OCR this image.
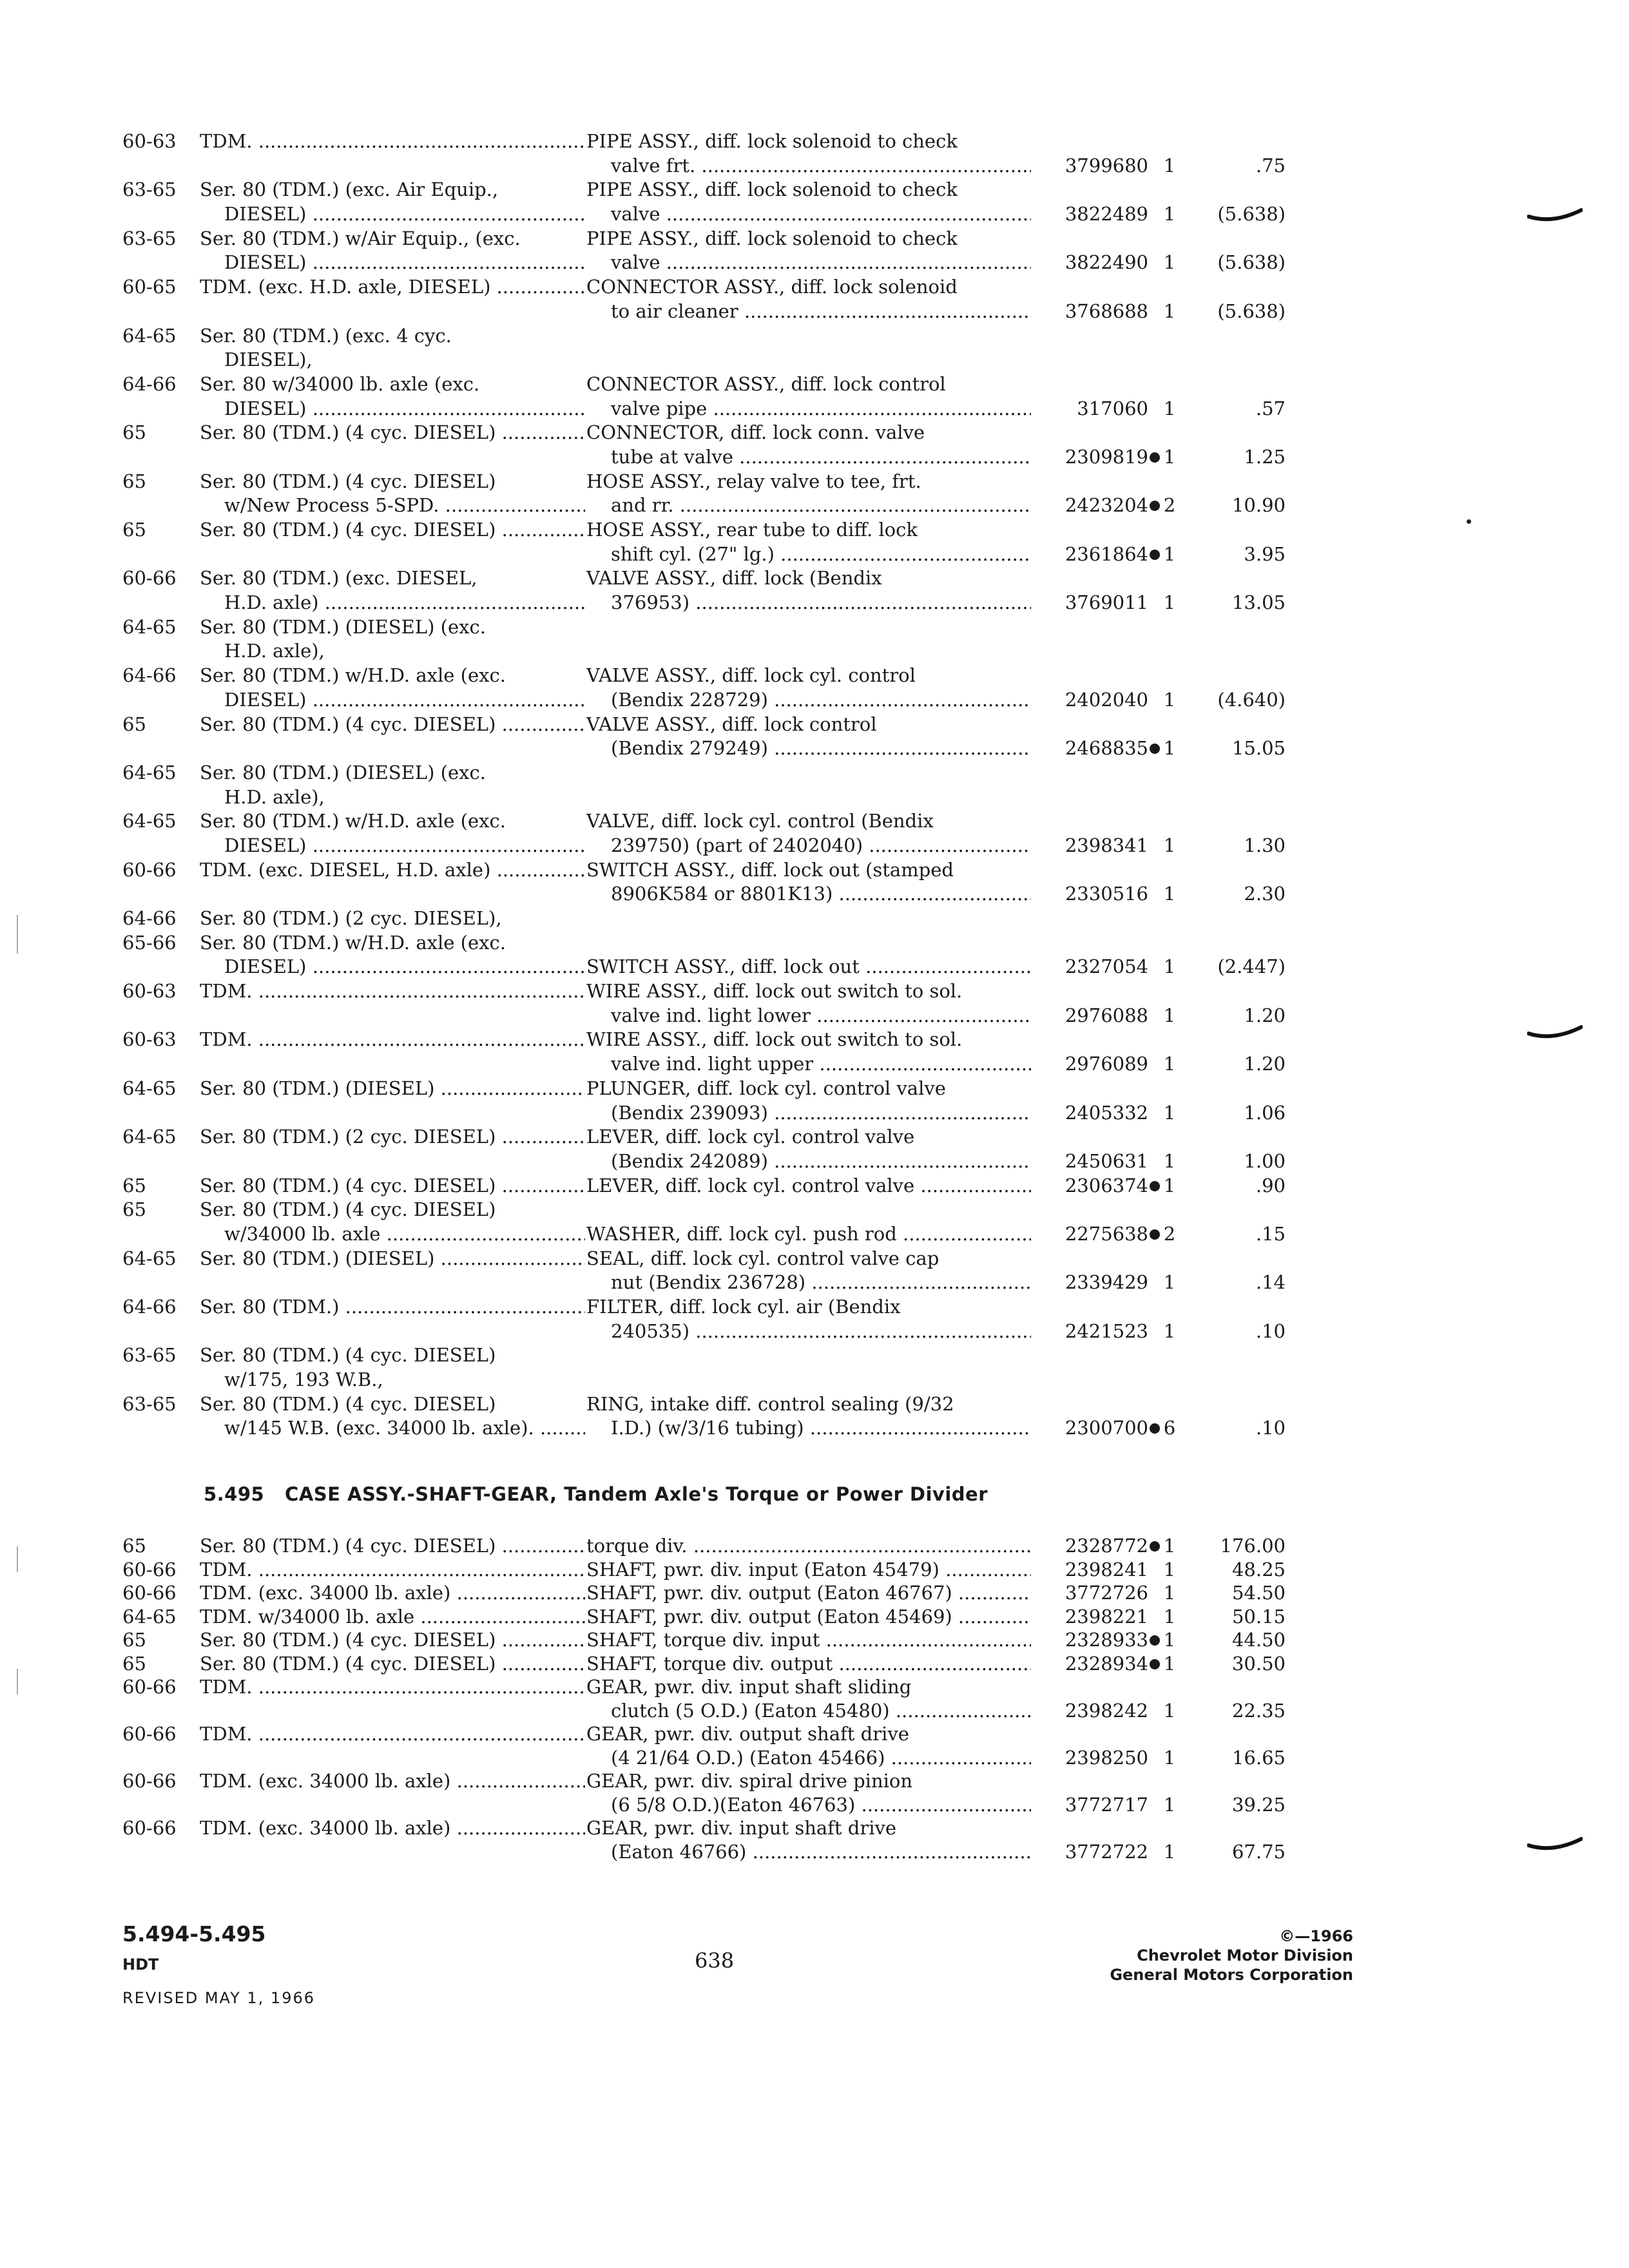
60-63	TDM. .....	PIPE ASSY., diff. lock solenoid to check
valve frt. .....	3799680 1	.75
63-65	Ser. 80 (TDM.) (exc. Air Equip.,	PIPE ASSY., diff. lock solenoid to check
DIESEL) .....	valve .....	3822489 1	(5.638)
63-65	Ser. 80 (TDM.) w/Air Equip., (exc.	PIPE ASSY., diff. lock solenoid to check
DIESEL) .....	valve .....	3822490 1	(5.638)
60-65	TDM. (exc. H.D. axle, DIESEL) .....	CONNECTOR ASSY., diff. lock solenoid
to air cleaner .....	3768688 1	(5.638)
64-65	Ser. 80 (TDM.) (exc. 4 cyc.
DIESEL),
64-66	Ser. 80 w/34000 lb. axle (exc.	CONNECTOR ASSY., diff. lock control
DIESEL) .....	valve pipe .....	317060 1	.57
65	Ser. 80 (TDM.) (4 cyc. DIESEL) .....	CONNECTOR, diff. lock conn. valve
tube at valve .....	2309819 1	1.25
65	Ser. 80 (TDM.) (4 cyc. DIESEL)	HOSE ASSY., relay valve to tee, frt.
w/New Process 5-SPD. .....	and rr. .....	2423204 2	10.90
65	Ser. 80 (TDM.) (4 cyc. DIESEL) .....	HOSE ASSY., rear tube to diff. lock
shift cyl. (27" lg.) .....	2361864 1	3.95
60-66	Ser. 80 (TDM.) (exc. DIESEL,	VALVE ASSY., diff. lock (Bendix
H.D. axle) .....	376953) .....	3769011 1	13.05
64-65	Ser. 80 (TDM.) (DIESEL) (exc.
H.D. axle),
64-66	Ser. 80 (TDM.) w/H.D. axle (exc.	VALVE ASSY., diff. lock cyl. control
DIESEL) .....	(Bendix 228729) .....	2402040 1	(4.640)
65	Ser. 80 (TDM.) (4 cyc. DIESEL) .....	VALVE ASSY., diff. lock control
(Bendix 279249) .....	2468835 1	15.05
64-65	Ser. 80 (TDM.) (DIESEL) (exc.
H.D. axle),
64-65	Ser. 80 (TDM.) w/H.D. axle (exc.	VALVE, diff. lock cyl. control (Bendix
DIESEL) .....	239750) (part of 2402040) .....	2398341 1	1.30
60-66	TDM. (exc. DIESEL, H.D. axle) .....	SWITCH ASSY., diff. lock out (stamped
8906K584 or 8801K13) .....	2330516 1	2.30
64-66	Ser. 80 (TDM.) (2 cyc. DIESEL),
65-66	Ser. 80 (TDM.) w/H.D. axle (exc.
DIESEL) .....	SWITCH ASSY., diff. lock out .....	2327054 1	(2.447)
60-63	TDM. .....	WIRE ASSY., diff. lock out switch to sol.
valve ind. light lower .....	2976088 1	1.20
60-63	TDM. .....	WIRE ASSY., diff. lock out switch to sol.
valve ind. light upper .....	2976089 1	1.20
64-65	Ser. 80 (TDM.) (DIESEL) .....	PLUNGER, diff. lock cyl. control valve
(Bendix 239093) .....	2405332 1	1.06
64-65	Ser. 80 (TDM.) (2 cyc. DIESEL) .....	LEVER, diff. lock cyl. control valve
(Bendix 242089) .....	2450631 1	1.00
65	Ser. 80 (TDM.) (4 cyc. DIESEL) .....	LEVER, diff. lock cyl. control valve .....	2306374 1	.90
65	Ser. 80 (TDM.) (4 cyc. DIESEL)
w/34000 lb. axle .....	WASHER, diff. lock cyl. push rod .....	2275638 2	.15
64-65	Ser. 80 (TDM.) (DIESEL) .....	SEAL, diff. lock cyl. control valve cap
nut (Bendix 236728) .....	2339429 1	.14
64-66	Ser. 80 (TDM.) .....	FILTER, diff. lock cyl. air (Bendix
240535) .....	2421523 1	.10
63-65	Ser. 80 (TDM.) (4 cyc. DIESEL)
w/175, 193 W.B.,
63-65	Ser. 80 (TDM.) (4 cyc. DIESEL)	RING, intake diff. control sealing (9/32
w/145 W.B. (exc. 34000 lb. axle). .....	I.D.) (w/3/16 tubing) .....	2300700 6	.10
5.495 CASE ASSY.-SHAFT-GEAR, Tandem Axle's Torque or Power Divider
65	Ser. 80 (TDM.) (4 cyc. DIESEL) .....	torque div. .....	2328772 1	176.00
60-66	TDM. .....	SHAFT, pwr. div. input (Eaton 45479) .....	2398241 1	48.25
60-66	TDM. (exc. 34000 lb. axle) .....	SHAFT, pwr. div. output (Eaton 46767) .....	3772726 1	54.50
64-65	TDM. w/34000 lb. axle .....	SHAFT, pwr. div. output (Eaton 45469) .....	2398221 1	50.15
65	Ser. 80 (TDM.) (4 cyc. DIESEL) .....	SHAFT, torque div. input .....	2328933 1	44.50
65	Ser. 80 (TDM.) (4 cyc. DIESEL) .....	SHAFT, torque div. output .....	2328934 1	30.50
60-66	TDM. .....	GEAR, pwr. div. input shaft sliding
clutch (5 O.D.) (Eaton 45480) .....	2398242 1	22.35
60-66	TDM. .....	GEAR, pwr. div. output shaft drive
(4 21/64 O.D.) (Eaton 45466) .....	2398250 1	16.65
60-66	TDM. (exc. 34000 lb. axle) .....	GEAR, pwr. div. spiral drive pinion
(6 5/8 O.D.)(Eaton 46763) .....	3772717 1	39.25
60-66	TDM. (exc. 34000 lb. axle) .....	GEAR, pwr. div. input shaft drive
(Eaton 46766) .....	3772722 1	67.75
5.494-5.495
HDT
REVISED MAY 1, 1966
638
©—1966
Chevrolet Motor Division
General Motors Corporation
